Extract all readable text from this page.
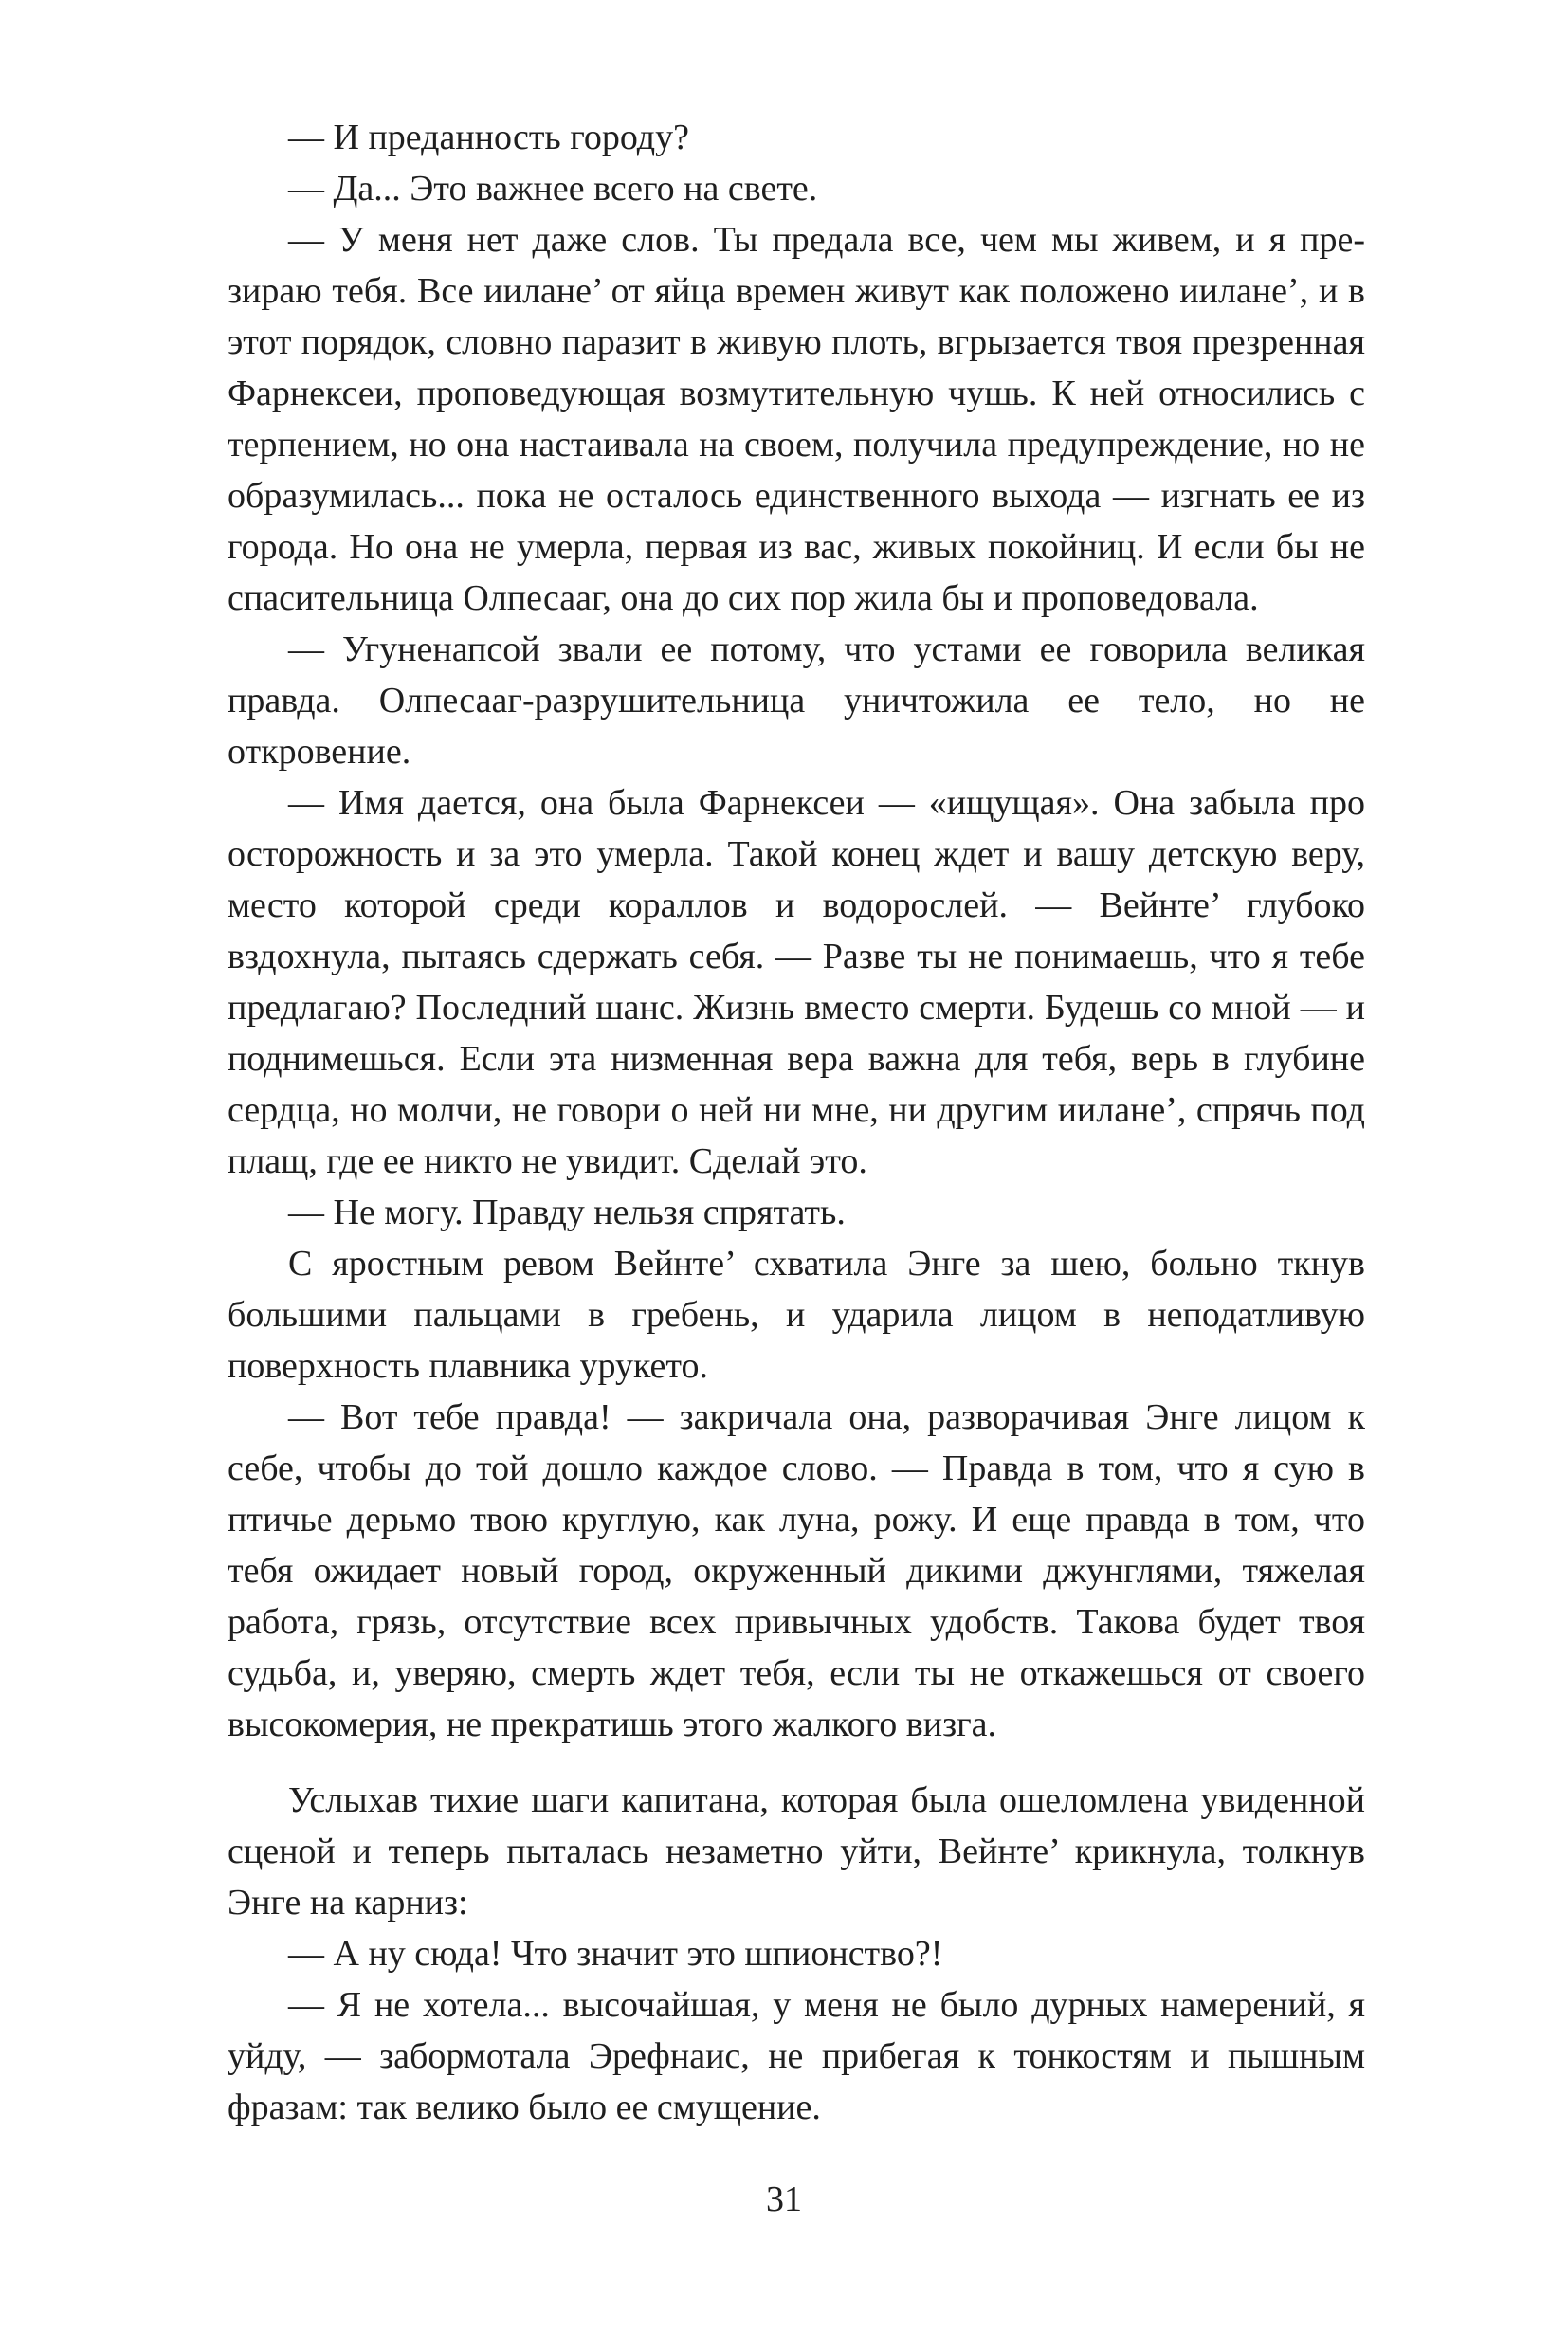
— И преданность городу?

— Да... Это важнее всего на свете.

— У меня нет даже слов. Ты предала все, чем мы живем, и я презираю тебя. Все иилане’ от яйца времен живут как положено иилане’, и в этот порядок, словно паразит в живую плоть, вгрызается твоя презренная Фарнексеи, проповедующая возмутительную чушь. К ней относились с терпением, но она настаивала на своем, получила предупреждение, но не образумилась... пока не осталось единственного выхода — изгнать ее из города. Но она не умерла, первая из вас, живых покойниц. И если бы не спасительница Олпесааг, она до сих пор жила бы и проповедовала.

— Угуненапсой звали ее потому, что устами ее говорила великая правда. Олпесааг-разрушительница уничтожила ее тело, но не откровение.

— Имя дается, она была Фарнексеи — «ищущая». Она забыла про осторожность и за это умерла. Такой конец ждет и вашу детскую веру, место которой среди кораллов и водорослей. — Вейнте’ глубоко вздохнула, пытаясь сдержать себя. — Разве ты не понимаешь, что я тебе предлагаю? Последний шанс. Жизнь вместо смерти. Будешь со мной — и поднимешься. Если эта низменная вера важна для тебя, верь в глубине сердца, но молчи, не говори о ней ни мне, ни другим иилане’, спрячь под плащ, где ее никто не увидит. Сделай это.

— Не могу. Правду нельзя спрятать.

С яростным ревом Вейнте’ схватила Энге за шею, больно ткнув большими пальцами в гребень, и ударила лицом в неподатливую поверхность плавника урукето.

— Вот тебе правда! — закричала она, разворачивая Энге лицом к себе, чтобы до той дошло каждое слово. — Правда в том, что я сую в птичье дерьмо твою круглую, как луна, рожу. И еще правда в том, что тебя ожидает новый город, окруженный дикими джунглями, тяжелая работа, грязь, отсутствие всех привычных удобств. Такова будет твоя судьба, и, уверяю, смерть ждет тебя, если ты не откажешься от своего высокомерия, не прекратишь этого жалкого визга.

Услыхав тихие шаги капитана, которая была ошеломлена увиденной сценой и теперь пыталась незаметно уйти, Вейнте’ крикнула, толкнув Энге на карниз:

— А ну сюда! Что значит это шпионство?!

— Я не хотела... высочайшая, у меня не было дурных намерений, я уйду, — забормотала Эрефнаис, не прибегая к тонкостям и пышным фразам: так велико было ее смущение.

31
